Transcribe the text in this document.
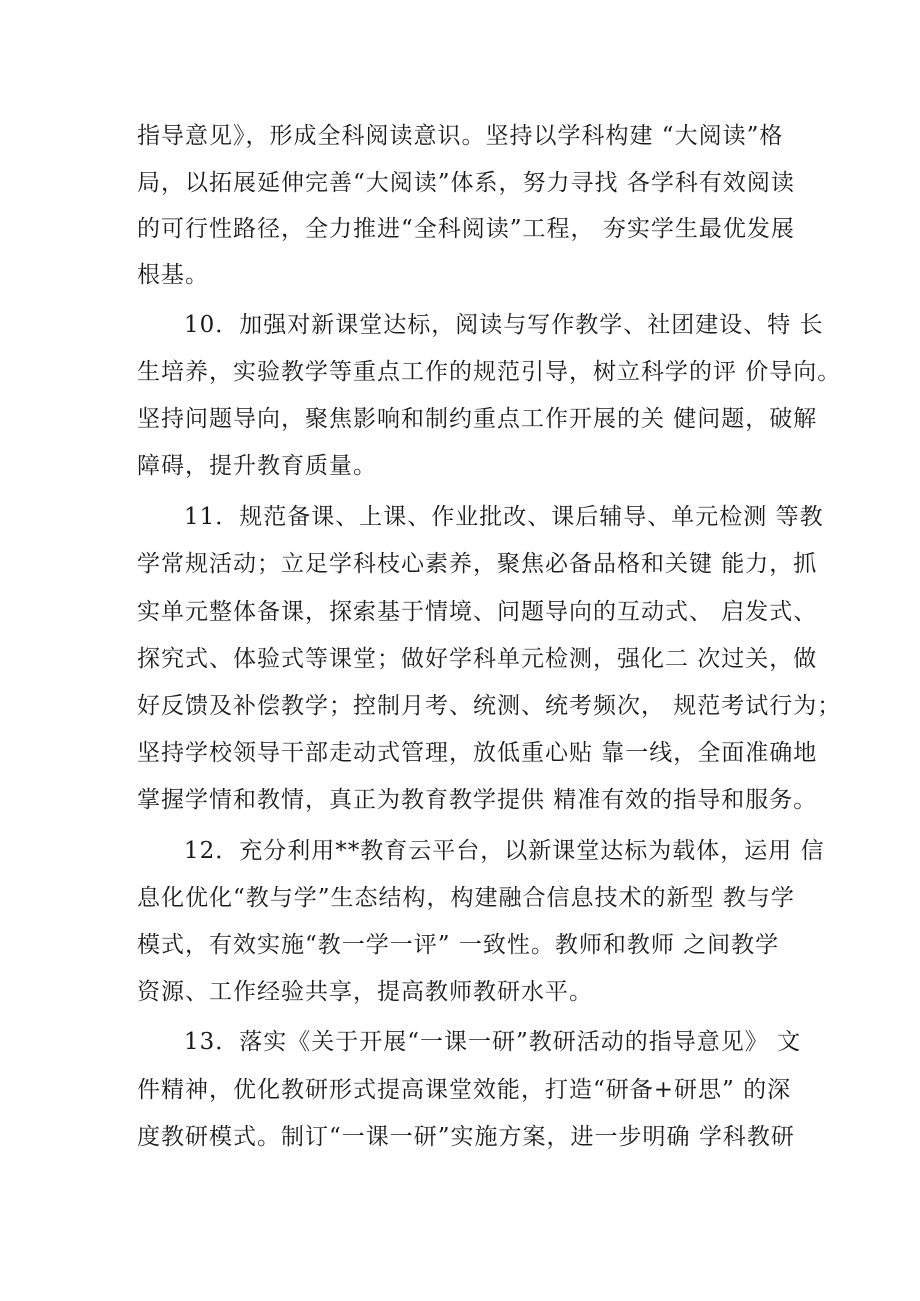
指导意见》，形成全科阅读意识。坚持以学科构建 “大阅读”格
局，以拓展延伸完善“大阅读”体系，努力寻找 各学科有效阅读
的可行性路径，全力推进“全科阅读”工程， 夯实学生最优发展
根基。
10．加强对新课堂达标，阅读与写作教学、社团建设、特 长
生培养，实验教学等重点工作的规范引导，树立科学的评 价导向。
坚持问题导向，聚焦影响和制约重点工作开展的关 健问题，破解
障碍，提升教育质量。
11．规范备课、上课、作业批改、课后辅导、单元检测 等教
学常规活动；立足学科枝心素养，聚焦必备品格和关键 能力，抓
实单元整体备课，探索基于情境、问题导向的互动式、 启发式、
探究式、体验式等课堂；做好学科单元检测，强化二 次过关，做
好反馈及补偿教学；控制月考、统测、统考频次， 规范考试行为；
坚持学校领导干部走动式管理，放低重心贴 靠一线，全面准确地
掌握学情和教情，真正为教育教学提供 精准有效的指导和服务。
12．充分利用**教育云平台，以新课堂达标为载体，运用 信
息化优化“教与学”生态结构，构建融合信息技术的新型 教与学
模式，有效实施“教一学一评” 一致性。教师和教师 之间教学
资源、工作经验共享，提高教师教研水平。
13．落实《关于开展“一课一研”教研活动的指导意见》 文
件精神，优化教研形式提高课堂效能，打造“研备+研思” 的深
度教研模式。制订“一课一研”实施方案，进一步明确 学科教研
